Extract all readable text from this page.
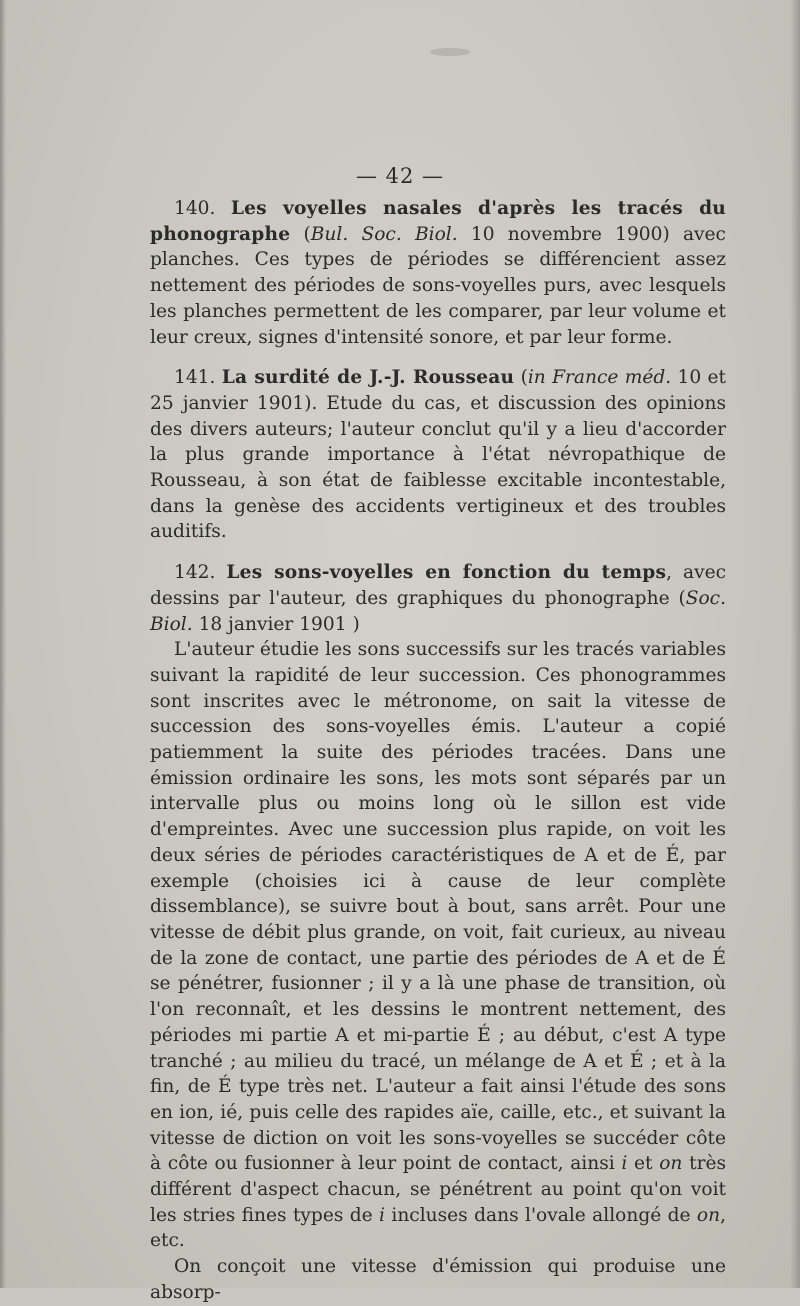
— 42 —

140. Les voyelles nasales d'après les tracés du phonographe (Bul. Soc. Biol. 10 novembre 1900) avec planches. Ces types de périodes se différencient assez nettement des périodes de sons-voyelles purs, avec lesquels les planches permettent de les comparer, par leur volume et leur creux, signes d'intensité sonore, et par leur forme.

141. La surdité de J.-J. Rousseau (in France méd. 10 et 25 janvier 1901). Etude du cas, et discussion des opinions des divers auteurs; l'auteur conclut qu'il y a lieu d'accorder la plus grande importance à l'état névropathique de Rousseau, à son état de faiblesse excitable incontestable, dans la genèse des accidents vertigineux et des troubles auditifs.

142. Les sons-voyelles en fonction du temps, avec dessins par l'auteur, des graphiques du phonographe (Soc. Biol. 18 janvier 1901 )

L'auteur étudie les sons successifs sur les tracés variables suivant la rapidité de leur succession. Ces phonogrammes sont inscrites avec le métronome, on sait la vitesse de succession des sons-voyelles émis. L'auteur a copié patiemment la suite des périodes tracées. Dans une émission ordinaire les sons, les mots sont séparés par un intervalle plus ou moins long où le sillon est vide d'empreintes. Avec une succession plus rapide, on voit les deux séries de périodes caractéristiques de A et de É, par exemple (choisies ici à cause de leur complète dissemblance), se suivre bout à bout, sans arrêt. Pour une vitesse de débit plus grande, on voit, fait curieux, au niveau de la zone de contact, une partie des périodes de A et de É se pénétrer, fusionner ; il y a là une phase de transition, où l'on reconnaît, et les dessins le montrent nettement, des périodes mi partie A et mi-partie É ; au début, c'est A type tranché ; au milieu du tracé, un mélange de A et É ; et à la fin, de É type très net. L'auteur a fait ainsi l'étude des sons en ion, ié, puis celle des rapides aïe, caille, etc., et suivant la vitesse de diction on voit les sons-voyelles se succéder côte à côte ou fusionner à leur point de contact, ainsi i et on très différent d'aspect chacun, se pénétrent au point qu'on voit les stries fines types de i incluses dans l'ovale allongé de on, etc.

On conçoit une vitesse d'émission qui produise une absorp-
